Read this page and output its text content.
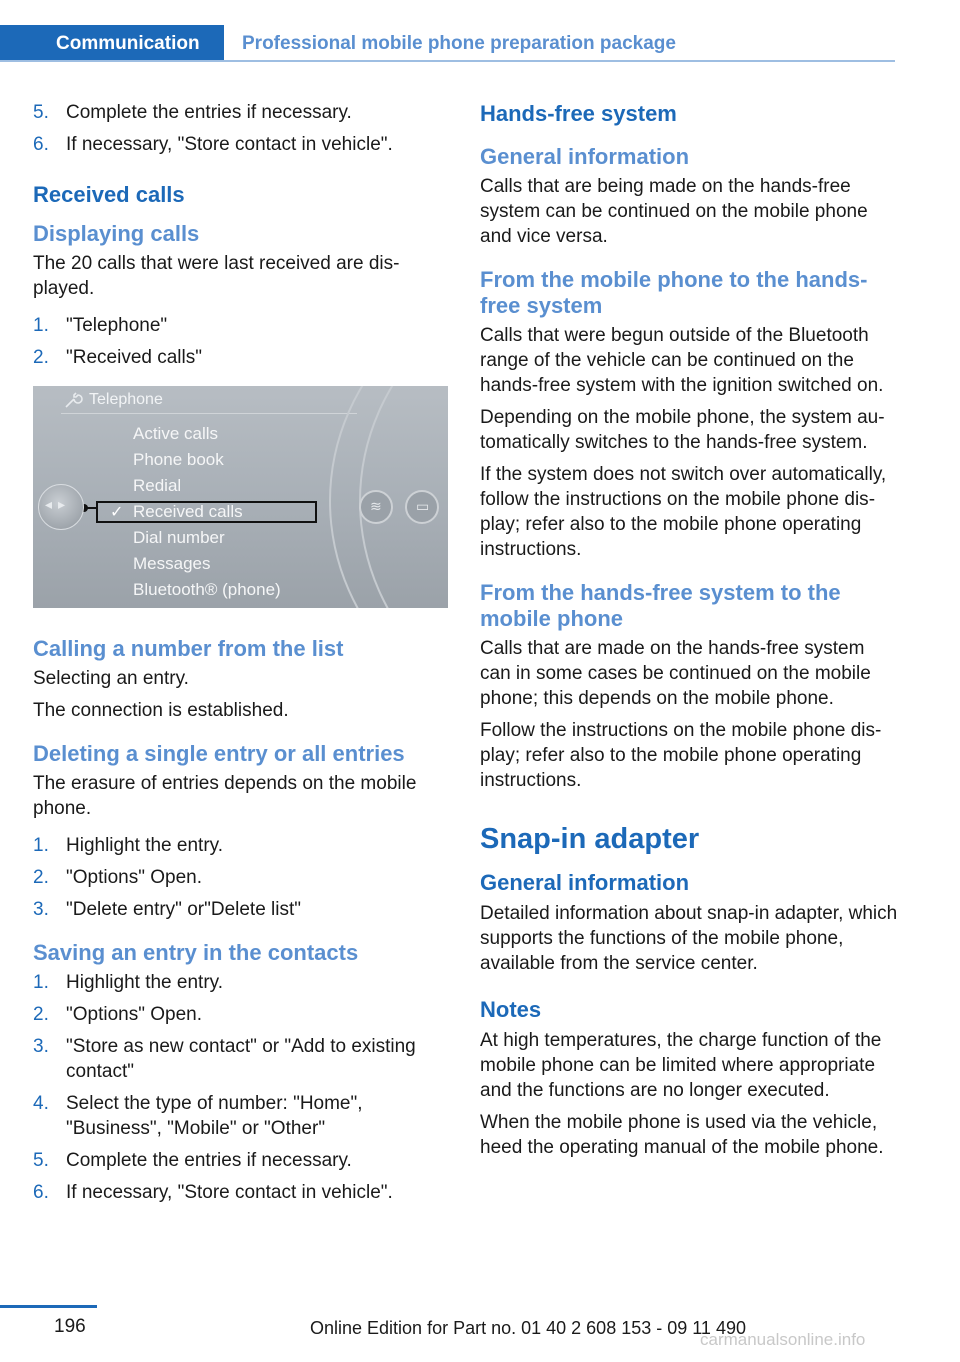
Communication	Professional mobile phone preparation package
5. Complete the entries if necessary.
6. If necessary, "Store contact in vehicle".
Received calls
Displaying calls

The 20 calls that were last received are displayed.

1. "Telephone"
2. "Received calls"
Telephone
Active calls
Phone book
Redial
Received calls
Dial number
Messages
Bluetooth® (phone)
✓
◂▸	≋ ▭
Calling a number from the list

Selecting an entry.

The connection is established.

Deleting a single entry or all entries

The erasure of entries depends on the mobile phone.

1. Highlight the entry.
2. "Options" Open.
3. "Delete entry" or"Delete list"
Saving an entry in the contacts
1. Highlight the entry.
2. "Options" Open.
3. "Store as new contact" or "Add to existing contact"
4. Select the type of number: "Home", "Business", "Mobile" or "Other"
5. Complete the entries if necessary.
6. If necessary, "Store contact in vehicle".
Hands-free system
General information

Calls that are being made on the hands-free system can be continued on the mobile phone and vice versa.

From the mobile phone to the hands-free system

Calls that were begun outside of the Bluetooth range of the vehicle can be continued on the hands-free system with the ignition switched on.

Depending on the mobile phone, the system automatically switches to the hands-free system.

If the system does not switch over automatically, follow the instructions on the mobile phone display; refer also to the mobile phone operating instructions.

From the hands-free system to the mobile phone

Calls that are made on the hands-free system can in some cases be continued on the mobile phone; this depends on the mobile phone.

Follow the instructions on the mobile phone display; refer also to the mobile phone operating instructions.

Snap-in adapter
General information

Detailed information about snap-in adapter, which supports the functions of the mobile phone, available from the service center.

Notes

At high temperatures, the charge function of the mobile phone can be limited where appropriate and the functions are no longer executed.

When the mobile phone is used via the vehicle, heed the operating manual of the mobile phone.

196	Online Edition for Part no. 01 40 2 608 153 - 09 11 490
carmanualsonline.info
